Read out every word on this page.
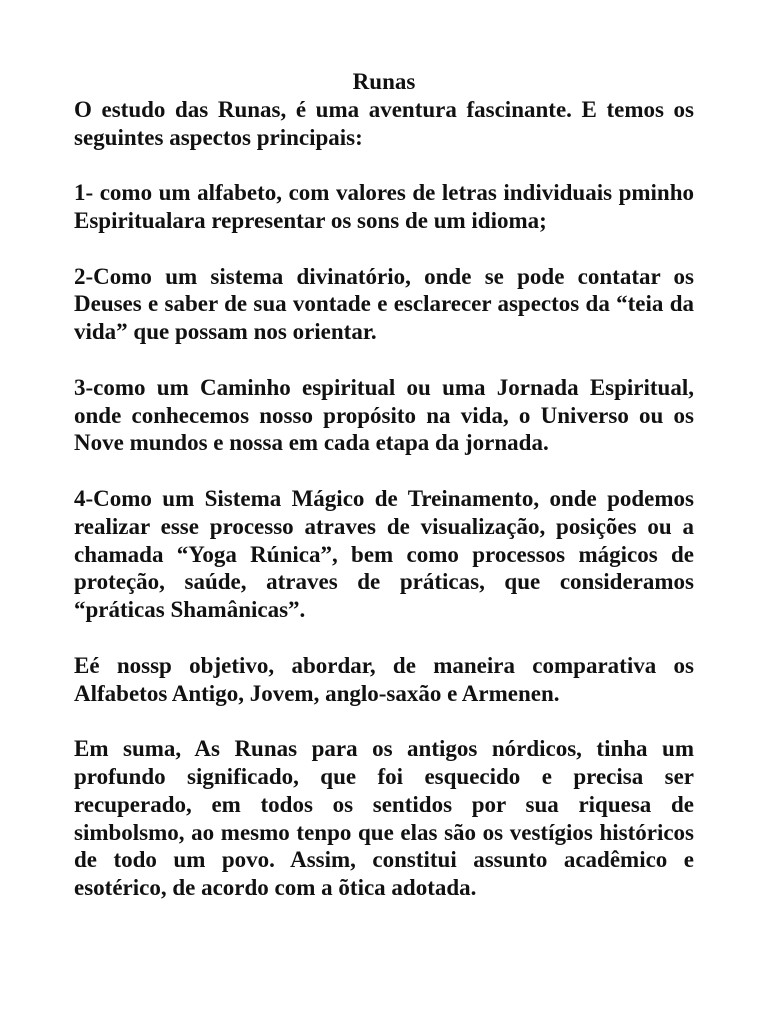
Runas

O estudo das Runas, é uma aventura fascinante. E temos os seguintes aspectos principais:

1- como um alfabeto, com valores de letras individuais pminho Espiritualara representar os sons de um idioma;

2-Como um sistema divinatório, onde se pode contatar os Deuses e saber de sua vontade e esclarecer aspectos da “teia da vida” que possam nos orientar.

3-como um Caminho espiritual ou uma Jornada Espiritual, onde conhecemos nosso propósito na vida, o Universo ou os Nove mundos e nossa em cada etapa da jornada.

4-Como um Sistema Mágico de Treinamento, onde podemos realizar esse processo atraves de visualização, posições ou a chamada “Yoga Rúnica”, bem como processos mágicos de proteção, saúde, atraves de práticas, que consideramos “práticas Shamânicas”.

Eé nossp objetivo, abordar, de maneira comparativa os Alfabetos Antigo, Jovem, anglo-saxão e Armenen.

Em suma, As Runas para os antigos nórdicos, tinha um profundo significado, que foi esquecido e precisa ser recuperado, em todos os sentidos por sua riquesa de simbolsmo, ao mesmo tenpo que elas são os vestígios históricos de todo um povo. Assim, constitui assunto acadêmico e esotérico, de acordo com a õtica adotada.
